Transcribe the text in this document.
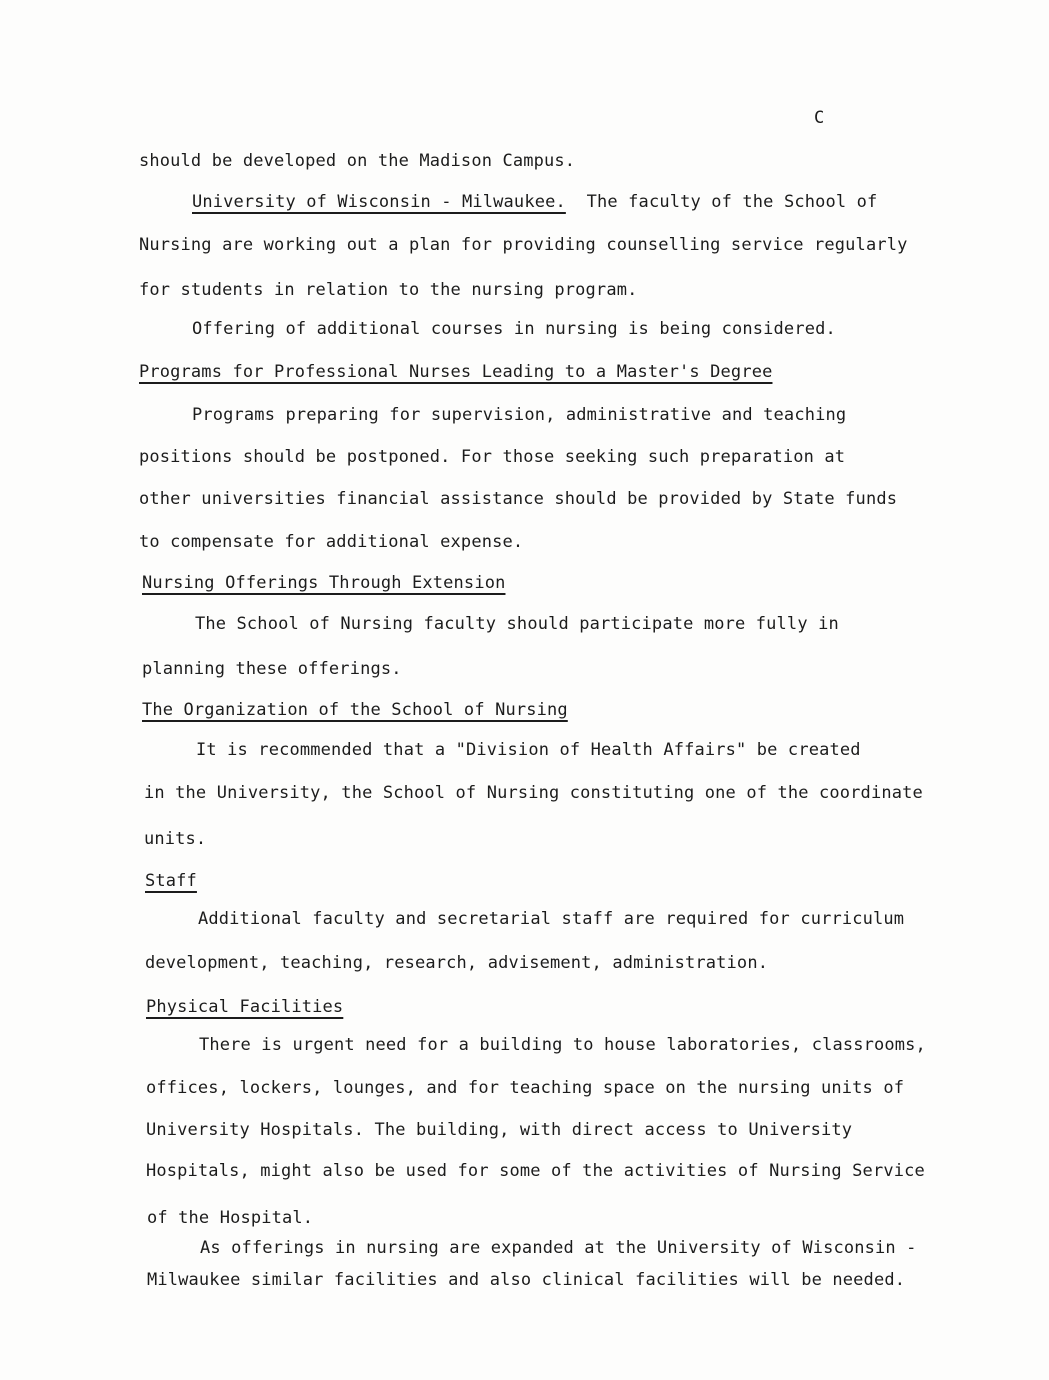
C
should be developed on the Madison Campus.
University of Wisconsin - Milwaukee.  The faculty of the School of
Nursing are working out a plan for providing counselling service regularly
for students in relation to the nursing program.
Offering of additional courses in nursing is being considered.
Programs for Professional Nurses Leading to a Master's Degree
Programs preparing for supervision, administrative and teaching
positions should be postponed. For those seeking such preparation at
other universities financial assistance should be provided by State funds
to compensate for additional expense.
Nursing Offerings Through Extension
The School of Nursing faculty should participate more fully in
planning these offerings.
The Organization of the School of Nursing
It is recommended that a "Division of Health Affairs" be created
in the University, the School of Nursing constituting one of the coordinate
units.
Staff
Additional faculty and secretarial staff are required for curriculum
development, teaching, research, advisement, administration.
Physical Facilities
There is urgent need for a building to house laboratories, classrooms,
offices, lockers, lounges, and for teaching space on the nursing units of
University Hospitals. The building, with direct access to University
Hospitals, might also be used for some of the activities of Nursing Service
of the Hospital.
As offerings in nursing are expanded at the University of Wisconsin -
Milwaukee similar facilities and also clinical facilities will be needed.
